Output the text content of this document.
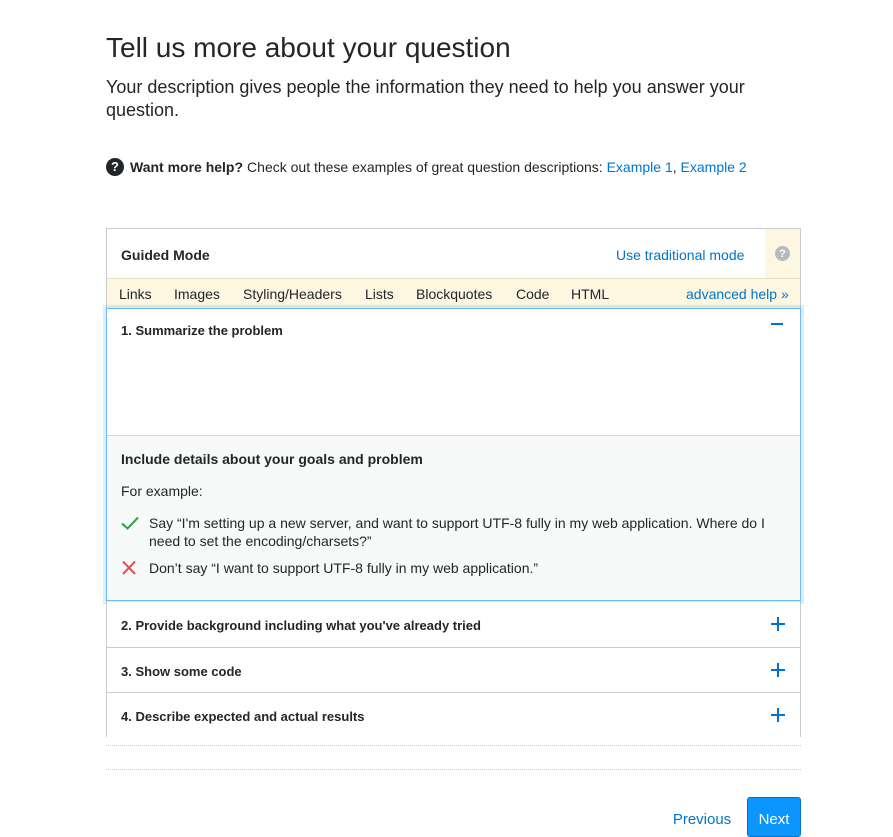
Tell us more about your question

Your description gives people the information they need to help you answer your question.

? Want more help? Check out these examples of great question descriptions:
Example 1 ,
Example 2
Guided Mode	Use traditional mode	?
Links Images Styling/Headers Lists Blockquotes Code HTML	advanced help »
1. Summarize the problem
Include details about your goals and problem
For example:
Say “I'm setting up a new server, and want to support UTF-8 fully in my web application. Where do I need to set the encoding/charsets?”
Don’t say “I want to support UTF-8 fully in my web application.”
2. Provide background including what you've already tried
3. Show some code
4. Describe expected and actual results
Previous	Next
